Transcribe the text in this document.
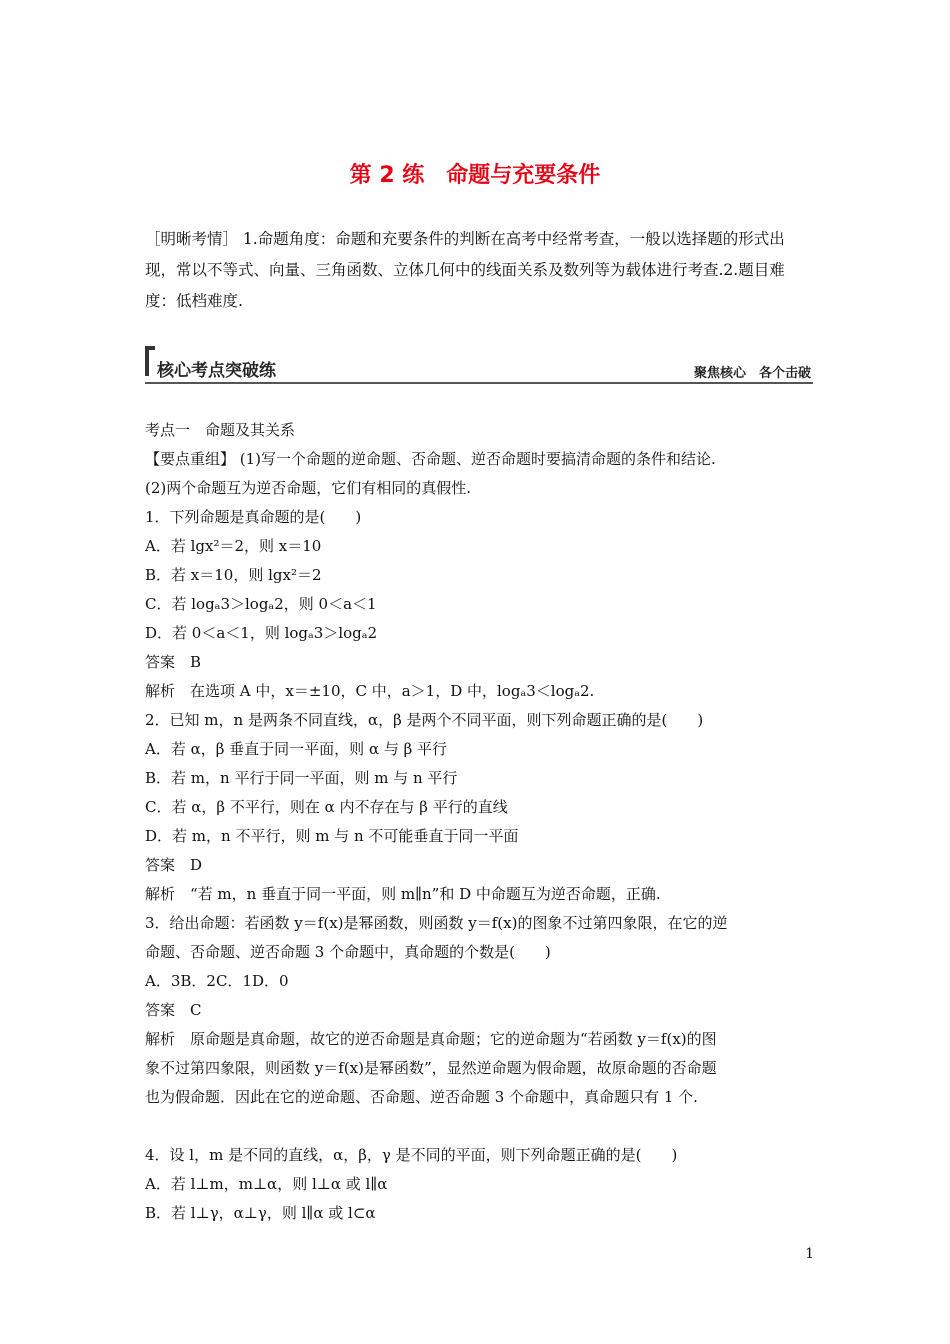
第 2 练　命题与充要条件
［明晰考情］ 1.命题角度：命题和充要条件的判断在高考中经常考查，一般以选择题的形式出现，常以不等式、向量、三角函数、立体几何中的线面关系及数列等为载体进行考查.2.题目难度：低档难度.
核心考点突破练	聚焦核心　各个击破
考点一　命题及其关系
【要点重组】 (1)写一个命题的逆命题、否命题、逆否命题时要搞清命题的条件和结论.
(2)两个命题互为逆否命题，它们有相同的真假性.
1．下列命题是真命题的是(　　)
A．若 lgx²＝2，则 x＝10
B．若 x＝10，则 lgx²＝2
C．若 logₐ3＞logₐ2，则 0＜a＜1
D．若 0＜a＜1，则 logₐ3＞logₐ2
答案　B
解析　在选项 A 中，x＝±10，C 中，a＞1，D 中，logₐ3＜logₐ2.
2．已知 m，n 是两条不同直线，α，β 是两个不同平面，则下列命题正确的是(　　)
A．若 α，β 垂直于同一平面，则 α 与 β 平行
B．若 m，n 平行于同一平面，则 m 与 n 平行
C．若 α，β 不平行，则在 α 内不存在与 β 平行的直线
D．若 m，n 不平行，则 m 与 n 不可能垂直于同一平面
答案　D
解析　“若 m，n 垂直于同一平面，则 m∥n”和 D 中命题互为逆否命题，正确.
3．给出命题：若函数 y＝f(x)是幂函数，则函数 y＝f(x)的图象不过第四象限，在它的逆
命题、否命题、逆否命题 3 个命题中，真命题的个数是(　　)
A．3B．2C．1D．0
答案　C
解析　原命题是真命题，故它的逆否命题是真命题；它的逆命题为“若函数 y＝f(x)的图
象不过第四象限，则函数 y＝f(x)是幂函数”，显然逆命题为假命题，故原命题的否命题
也为假命题．因此在它的逆命题、否命题、逆否命题 3 个命题中，真命题只有 1 个.
4．设 l，m 是不同的直线，α，β，γ 是不同的平面，则下列命题正确的是(　　)
A．若 l⊥m，m⊥α，则 l⊥α 或 l∥α
B．若 l⊥γ，α⊥γ，则 l∥α 或 l⊂α
1
